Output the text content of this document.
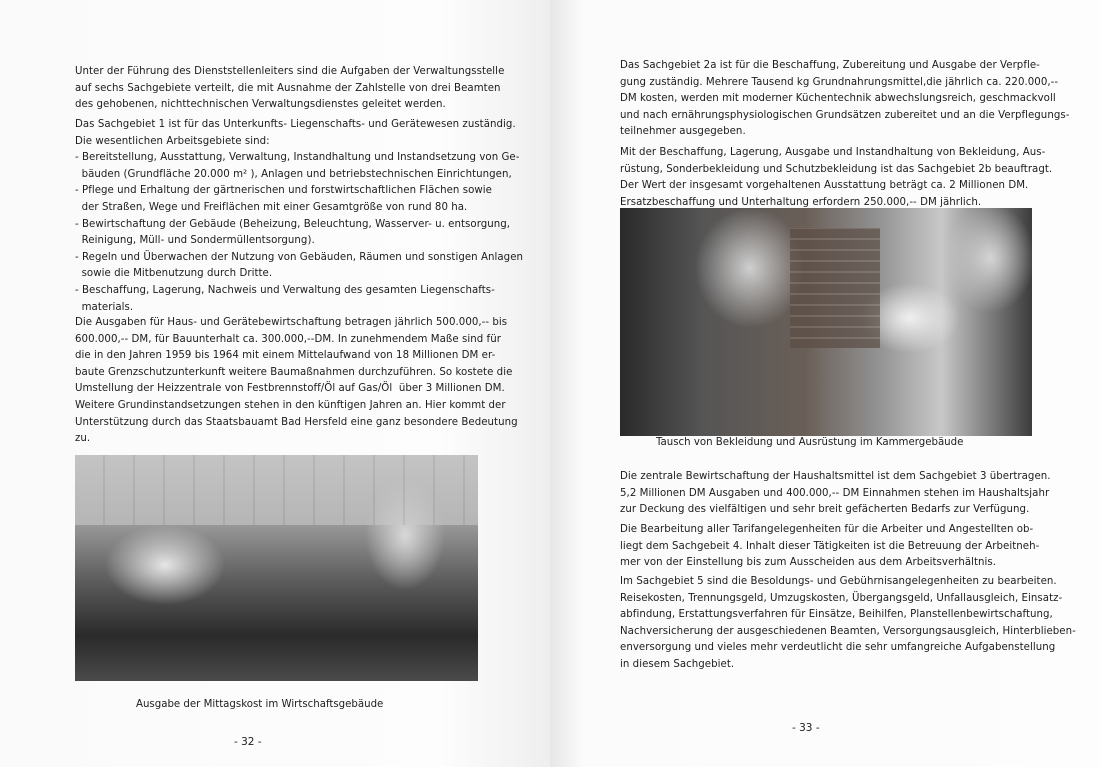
Unter der Führung des Dienststellenleiters sind die Aufgaben der Verwaltungsstelle
auf sechs Sachgebiete verteilt, die mit Ausnahme der Zahlstelle von drei Beamten
des gehobenen, nichttechnischen Verwaltungsdienstes geleitet werden.
Das Sachgebiet 1 ist für das Unterkunfts- Liegenschafts- und Gerätewesen zuständig.
Die wesentlichen Arbeitsgebiete sind:
- Bereitstellung, Ausstattung, Verwaltung, Instandhaltung und Instandsetzung von Ge-
bäuden (Grundfläche 20.000 m² ), Anlagen und betriebstechnischen Einrichtungen,
- Pflege und Erhaltung der gärtnerischen und forstwirtschaftlichen Flächen sowie
der Straßen, Wege und Freiflächen mit einer Gesamtgröße von rund 80 ha.
- Bewirtschaftung der Gebäude (Beheizung, Beleuchtung, Wasserver- u. entsorgung,
Reinigung, Müll- und Sondermüllentsorgung).
- Regeln und Überwachen der Nutzung von Gebäuden, Räumen und sonstigen Anlagen
sowie die Mitbenutzung durch Dritte.
- Beschaffung, Lagerung, Nachweis und Verwaltung des gesamten Liegenschafts-
materials.
Die Ausgaben für Haus- und Gerätebewirtschaftung betragen jährlich 500.000,-- bis
600.000,-- DM, für Bauunterhalt ca. 300.000,--DM. In zunehmendem Maße sind für
die in den Jahren 1959 bis 1964 mit einem Mittelaufwand von 18 Millionen DM er-
baute Grenzschutzunterkunft weitere Baumaßnahmen durchzuführen. So kostete die
Umstellung der Heizzentrale von Festbrennstoff/Öl auf Gas/Öl  über 3 Millionen DM.
Weitere Grundinstandsetzungen stehen in den künftigen Jahren an. Hier kommt der
Unterstützung durch das Staatsbauamt Bad Hersfeld eine ganz besondere Bedeutung
zu.
Ausgabe der Mittagskost im Wirtschaftsgebäude
- 32 -
Das Sachgebiet 2a ist für die Beschaffung, Zubereitung und Ausgabe der Verpfle-
gung zuständig. Mehrere Tausend kg Grundnahrungsmittel,die jährlich ca. 220.000,--
DM kosten, werden mit moderner Küchentechnik abwechslungsreich, geschmackvoll
und nach ernährungsphysiologischen Grundsätzen zubereitet und an die Verpflegungs-
teilnehmer ausgegeben.
Mit der Beschaffung, Lagerung, Ausgabe und Instandhaltung von Bekleidung, Aus-
rüstung, Sonderbekleidung und Schutzbekleidung ist das Sachgebiet 2b beauftragt.
Der Wert der insgesamt vorgehaltenen Ausstattung beträgt ca. 2 Millionen DM.
Ersatzbeschaffung und Unterhaltung erfordern 250.000,-- DM jährlich.
Tausch von Bekleidung und Ausrüstung im Kammergebäude
Die zentrale Bewirtschaftung der Haushaltsmittel ist dem Sachgebiet 3 übertragen.
5,2 Millionen DM Ausgaben und 400.000,-- DM Einnahmen stehen im Haushaltsjahr
zur Deckung des vielfältigen und sehr breit gefächerten Bedarfs zur Verfügung.
Die Bearbeitung aller Tarifangelegenheiten für die Arbeiter und Angestellten ob-
liegt dem Sachgebeit 4. Inhalt dieser Tätigkeiten ist die Betreuung der Arbeitneh-
mer von der Einstellung bis zum Ausscheiden aus dem Arbeitsverhältnis.
Im Sachgebiet 5 sind die Besoldungs- und Gebührnisangelegenheiten zu bearbeiten.
Reisekosten, Trennungsgeld, Umzugskosten, Übergangsgeld, Unfallausgleich, Einsatz-
abfindung, Erstattungsverfahren für Einsätze, Beihilfen, Planstellenbewirtschaftung,
Nachversicherung der ausgeschiedenen Beamten, Versorgungsausgleich, Hinterblieben-
enversorgung und vieles mehr verdeutlicht die sehr umfangreiche Aufgabenstellung
in diesem Sachgebiet.
- 33 -
